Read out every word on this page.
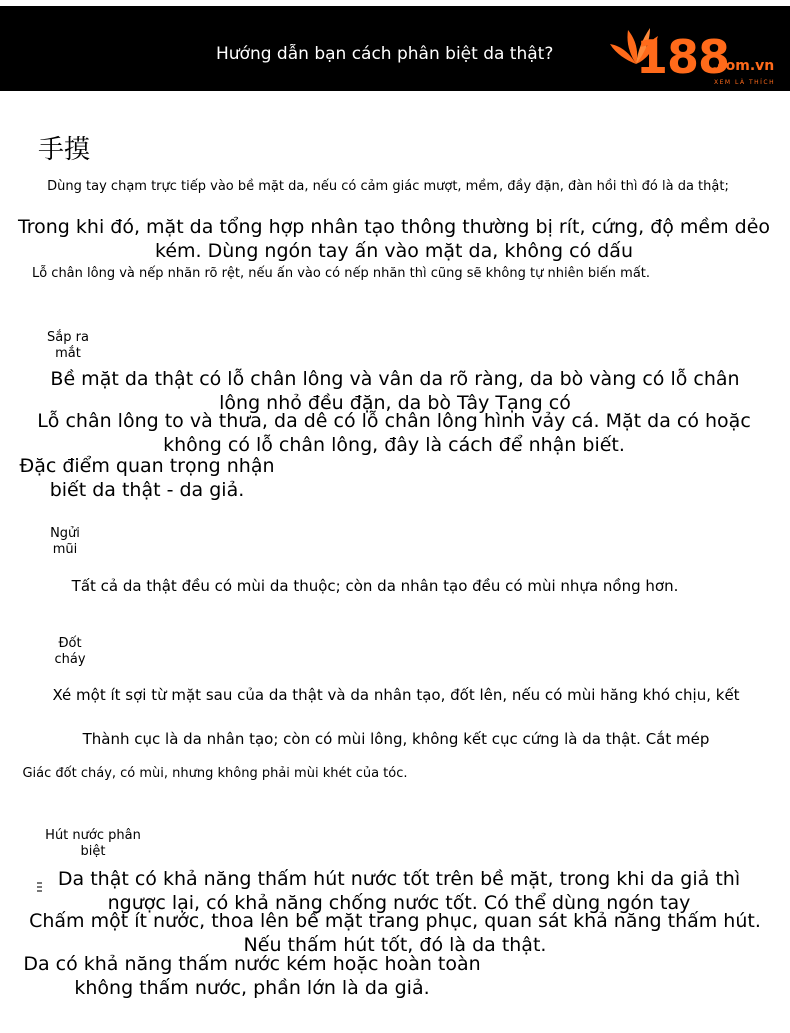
Hướng dẫn bạn cách phân biệt da thật? 188
.com.vn
XEM LÀ THÍCH
手摸
Dùng tay chạm trực tiếp vào bề mặt da, nếu có cảm giác mượt, mềm, đầy đặn, đàn hồi thì đó là da thật;
Trong khi đó, mặt da tổng hợp nhân tạo thông thường bị rít, cứng, độ mềm dẻo kém. Dùng ngón tay ấn vào mặt da, không có dấu
Lỗ chân lông và nếp nhăn rõ rệt, nếu ấn vào có nếp nhăn thì cũng sẽ không tự nhiên biến mất.
Sắp ra mắt
Bề mặt da thật có lỗ chân lông và vân da rõ ràng, da bò vàng có lỗ chân lông nhỏ đều đặn, da bò Tây Tạng có
Lỗ chân lông to và thưa, da dê có lỗ chân lông hình vảy cá. Mặt da có hoặc không có lỗ chân lông, đây là cách để nhận biết.
Đặc điểm quan trọng nhận biết da thật - da giả.
Ngửi mũi
Tất cả da thật đều có mùi da thuộc; còn da nhân tạo đều có mùi nhựa nồng hơn.
Đốt cháy
Xé một ít sợi từ mặt sau của da thật và da nhân tạo, đốt lên, nếu có mùi hăng khó chịu, kết
Thành cục là da nhân tạo; còn có mùi lông, không kết cục cứng là da thật. Cắt mép
Giác đốt cháy, có mùi, nhưng không phải mùi khét của tóc.
Hút nước phân biệt
Da thật có khả năng thấm hút nước tốt trên bề mặt, trong khi da giả thì ngược lại, có khả năng chống nước tốt. Có thể dùng ngón tay
Chấm một ít nước, thoa lên bề mặt trang phục, quan sát khả năng thấm hút. Nếu thấm hút tốt, đó là da thật.
Da có khả năng thấm nước kém hoặc hoàn toàn không thấm nước, phần lớn là da giả.
